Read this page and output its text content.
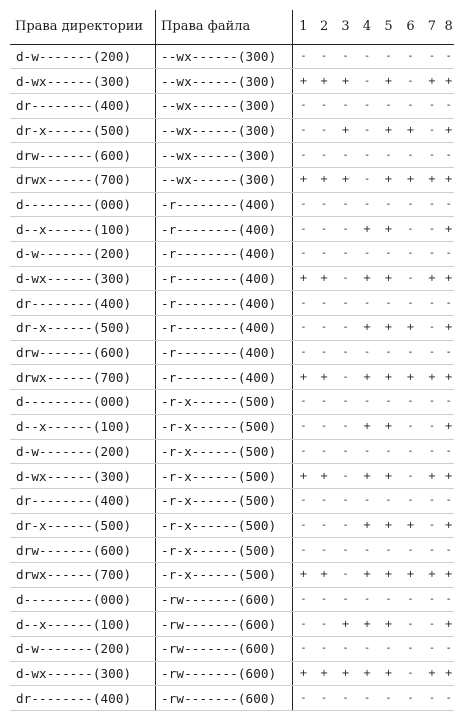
Права директории	Права файла	1	2	3	4	5	6	7	8
d-w-------(200)	--wx------(300)	-	-	-	-	-	-	-	-
d-wx------(300)	--wx------(300)	+	+	+	-	+	-	+	+
dr--------(400)	--wx------(300)	-	-	-	-	-	-	-	-
dr-x------(500)	--wx------(300)	-	-	+	-	+	+	-	+
drw-------(600)	--wx------(300)	-	-	-	-	-	-	-	-
drwx------(700)	--wx------(300)	+	+	+	-	+	+	+	+
d---------(000)	-r--------(400)	-	-	-	-	-	-	-	-
d--x------(100)	-r--------(400)	-	-	-	+	+	-	-	+
d-w-------(200)	-r--------(400)	-	-	-	-	-	-	-	-
d-wx------(300)	-r--------(400)	+	+	-	+	+	-	+	+
dr--------(400)	-r--------(400)	-	-	-	-	-	-	-	-
dr-x------(500)	-r--------(400)	-	-	-	+	+	+	-	+
drw-------(600)	-r--------(400)	-	-	-	-	-	-	-	-
drwx------(700)	-r--------(400)	+	+	-	+	+	+	+	+
d---------(000)	-r-x------(500)	-	-	-	-	-	-	-	-
d--x------(100)	-r-x------(500)	-	-	-	+	+	-	-	+
d-w-------(200)	-r-x------(500)	-	-	-	-	-	-	-	-
d-wx------(300)	-r-x------(500)	+	+	-	+	+	-	+	+
dr--------(400)	-r-x------(500)	-	-	-	-	-	-	-	-
dr-x------(500)	-r-x------(500)	-	-	-	+	+	+	-	+
drw-------(600)	-r-x------(500)	-	-	-	-	-	-	-	-
drwx------(700)	-r-x------(500)	+	+	-	+	+	+	+	+
d---------(000)	-rw-------(600)	-	-	-	-	-	-	-	-
d--x------(100)	-rw-------(600)	-	-	+	+	+	-	-	+
d-w-------(200)	-rw-------(600)	-	-	-	-	-	-	-	-
d-wx------(300)	-rw-------(600)	+	+	+	+	+	-	+	+
dr--------(400)	-rw-------(600)	-	-	-	-	-	-	-	-
